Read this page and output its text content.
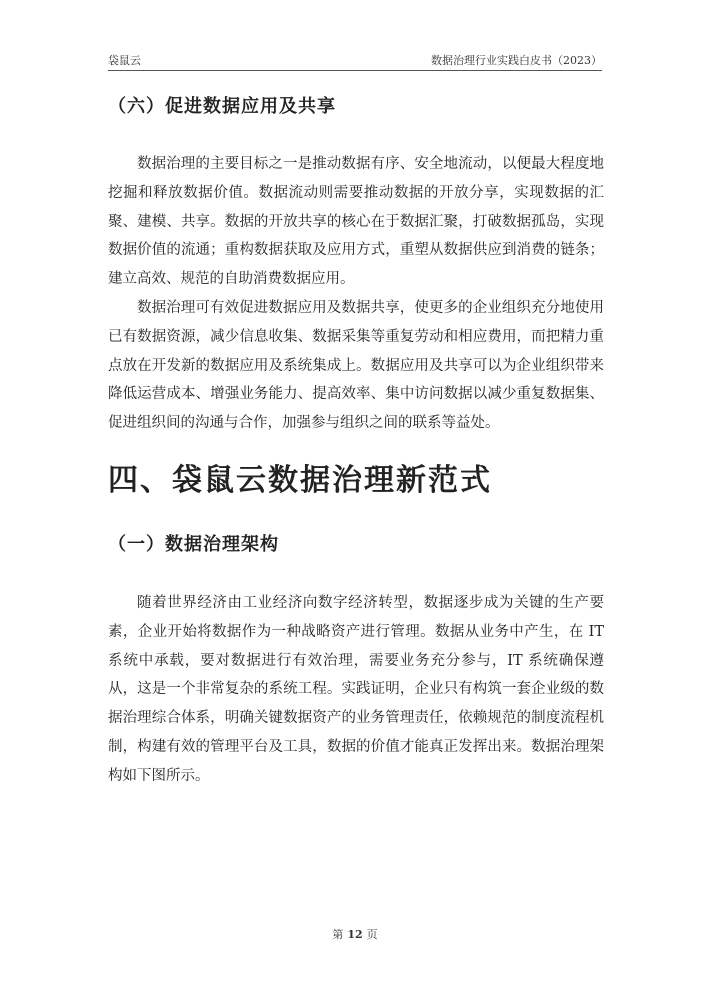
袋鼠云	数据治理行业实践白皮书（2023）
（六）促进数据应用及共享

数据治理的主要目标之一是推动数据有序、安全地流动，以便最大程度地挖掘和释放数据价值。数据流动则需要推动数据的开放分享，实现数据的汇聚、建模、共享。数据的开放共享的核心在于数据汇聚，打破数据孤岛，实现数据价值的流通；重构数据获取及应用方式，重塑从数据供应到消费的链条；建立高效、规范的自助消费数据应用。

数据治理可有效促进数据应用及数据共享，使更多的企业组织充分地使用已有数据资源，减少信息收集、数据采集等重复劳动和相应费用，而把精力重点放在开发新的数据应用及系统集成上。数据应用及共享可以为企业组织带来降低运营成本、增强业务能力、提高效率、集中访问数据以减少重复数据集、促进组织间的沟通与合作，加强参与组织之间的联系等益处。

四、袋鼠云数据治理新范式
（一）数据治理架构

随着世界经济由工业经济向数字经济转型，数据逐步成为关键的生产要素，企业开始将数据作为一种战略资产进行管理。数据从业务中产生，在 IT 系统中承载，要对数据进行有效治理，需要业务充分参与，IT 系统确保遵从，这是一个非常复杂的系统工程。实践证明，企业只有构筑一套企业级的数据治理综合体系，明确关键数据资产的业务管理责任，依赖规范的制度流程机制，构建有效的管理平台及工具，数据的价值才能真正发挥出来。数据治理架构如下图所示。

第 12 页
